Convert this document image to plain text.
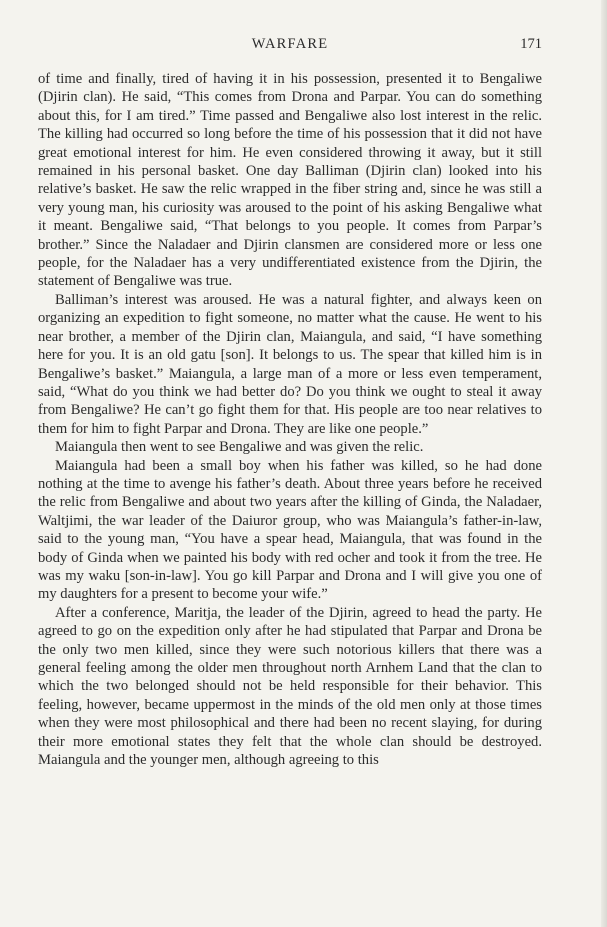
WARFARE	171

of time and finally, tired of having it in his possession, presented it to Bengaliwe (Djirin clan). He said, “This comes from Drona and Parpar. You can do something about this, for I am tired.” Time passed and Bengaliwe also lost interest in the relic. The killing had occurred so long before the time of his possession that it did not have great emotional interest for him. He even considered throwing it away, but it still remained in his personal basket. One day Balliman (Djirin clan) looked into his relative’s basket. He saw the relic wrapped in the fiber string and, since he was still a very young man, his curiosity was aroused to the point of his asking Bengaliwe what it meant. Bengaliwe said, “That belongs to you people. It comes from Parpar’s brother.” Since the Naladaer and Djirin clansmen are considered more or less one people, for the Naladaer has a very undifferentiated existence from the Djirin, the statement of Bengaliwe was true.

Balliman’s interest was aroused. He was a natural fighter, and always keen on organizing an expedition to fight someone, no matter what the cause. He went to his near brother, a member of the Djirin clan, Maiangula, and said, “I have something here for you. It is an old gatu [son]. It belongs to us. The spear that killed him is in Bengaliwe’s basket.” Maiangula, a large man of a more or less even temperament, said, “What do you think we had better do? Do you think we ought to steal it away from Bengaliwe? He can’t go fight them for that. His people are too near relatives to them for him to fight Parpar and Drona. They are like one people.”

Maiangula then went to see Bengaliwe and was given the relic.

Maiangula had been a small boy when his father was killed, so he had done nothing at the time to avenge his father’s death. About three years before he received the relic from Bengaliwe and about two years after the killing of Ginda, the Naladaer, Waltjimi, the war leader of the Daiuror group, who was Maiangula’s father-in-law, said to the young man, “You have a spear head, Maiangula, that was found in the body of Ginda when we painted his body with red ocher and took it from the tree. He was my waku [son-in-law]. You go kill Parpar and Drona and I will give you one of my daughters for a present to become your wife.”

After a conference, Maritja, the leader of the Djirin, agreed to head the party. He agreed to go on the expedition only after he had stipulated that Parpar and Drona be the only two men killed, since they were such notorious killers that there was a general feeling among the older men throughout north Arnhem Land that the clan to which the two belonged should not be held responsible for their behavior. This feeling, however, became uppermost in the minds of the old men only at those times when they were most philosophical and there had been no recent slaying, for during their more emotional states they felt that the whole clan should be destroyed. Maiangula and the younger men, although agreeing to this
